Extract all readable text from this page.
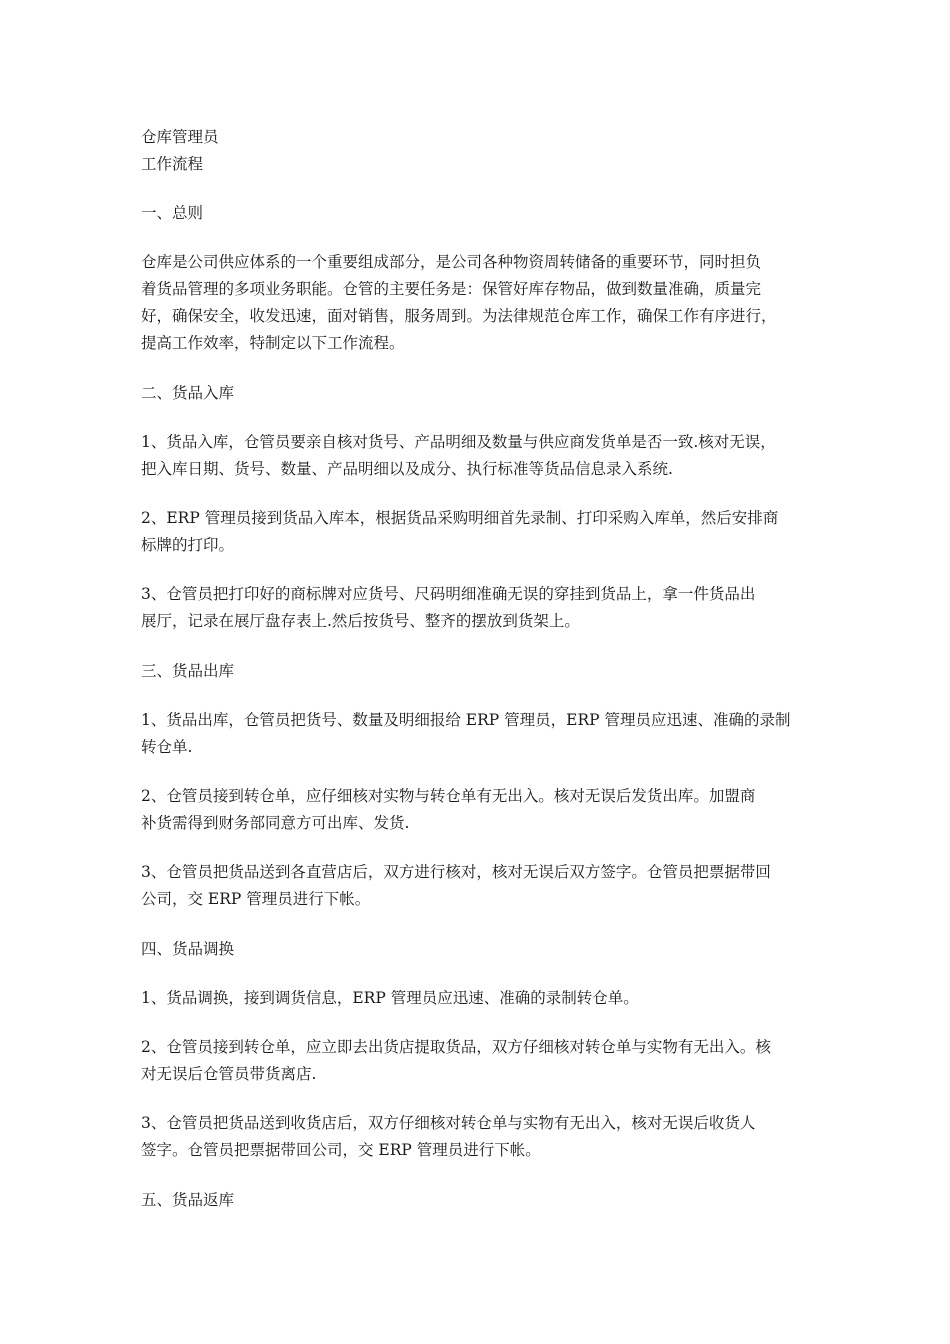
仓库管理员

工作流程

一、总则

仓库是公司供应体系的一个重要组成部分，是公司各种物资周转储备的重要环节，同时担负
着货品管理的多项业务职能。仓管的主要任务是：保管好库存物品，做到数量准确，质量完
好，确保安全，收发迅速，面对销售，服务周到。为法律规范仓库工作，确保工作有序进行，
提高工作效率，特制定以下工作流程。

二、货品入库

1、货品入库，仓管员要亲自核对货号、产品明细及数量与供应商发货单是否一致.核对无误，
把入库日期、货号、数量、产品明细以及成分、执行标准等货品信息录入系统.

2、ERP 管理员接到货品入库本，根据货品采购明细首先录制、打印采购入库单，然后安排商
标牌的打印。

3、仓管员把打印好的商标牌对应货号、尺码明细准确无误的穿挂到货品上，拿一件货品出
展厅，记录在展厅盘存表上.然后按货号、整齐的摆放到货架上。

三、货品出库

1、货品出库，仓管员把货号、数量及明细报给 ERP 管理员，ERP 管理员应迅速、准确的录制
转仓单.

2、仓管员接到转仓单，应仔细核对实物与转仓单有无出入。核对无误后发货出库。加盟商
补货需得到财务部同意方可出库、发货.

3、仓管员把货品送到各直营店后，双方进行核对，核对无误后双方签字。仓管员把票据带回
公司，交 ERP 管理员进行下帐。

四、货品调换

1、货品调换，接到调货信息，ERP 管理员应迅速、准确的录制转仓单。

2、仓管员接到转仓单，应立即去出货店提取货品，双方仔细核对转仓单与实物有无出入。核
对无误后仓管员带货离店.

3、仓管员把货品送到收货店后，双方仔细核对转仓单与实物有无出入，核对无误后收货人
签字。仓管员把票据带回公司，交 ERP 管理员进行下帐。

五、货品返库
